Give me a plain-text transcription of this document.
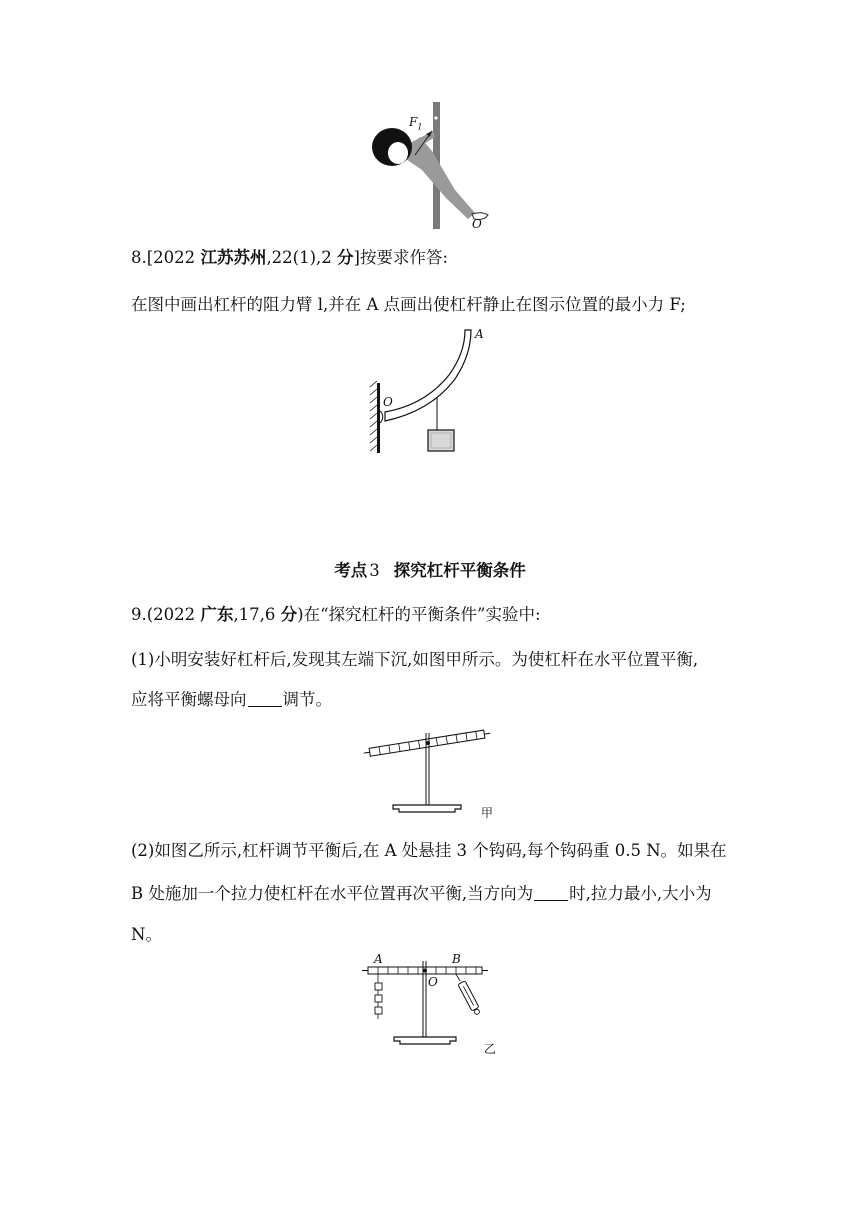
$F_1$
O
8.[2022 江苏苏州,22(1),2 分]按要求作答:
在图中画出杠杆的阻力臂 l,并在 A 点画出使杠杆静止在图示位置的最小力 F;
A
O
考点 3 探究杠杆平衡条件
9.(2022 广东,17,6 分)在“探究杠杆的平衡条件”实验中:
(1)小明安装好杠杆后,发现其左端下沉,如图甲所示。为使杠杆在水平位置平衡,
应将平衡螺母向 调节。
甲
(2)如图乙所示,杠杆调节平衡后,在 A 处悬挂 3 个钩码,每个钩码重 0.5 N。如果在
B 处施加一个拉力使杠杆在水平位置再次平衡,当方向为 时,拉力最小,大小为
N。
A	B
O
乙
